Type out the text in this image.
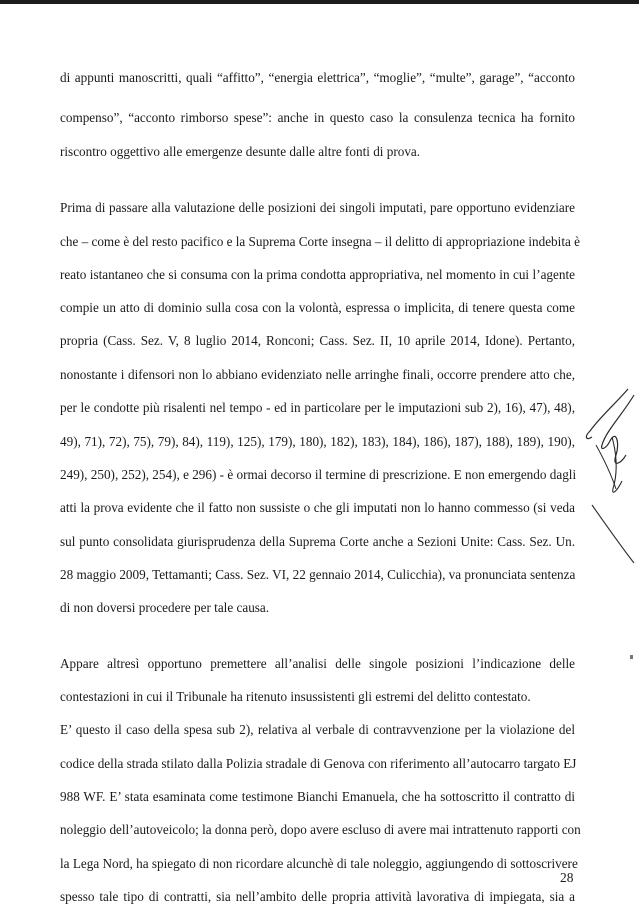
di appunti manoscritti, quali “affitto”, “energia elettrica”, “moglie”, “multe”, garage”, “acconto
compenso”, “acconto rimborso spese”: anche in questo caso la consulenza tecnica ha fornito
riscontro oggettivo alle emergenze desunte dalle altre fonti di prova.
Prima di passare alla valutazione delle posizioni dei singoli imputati, pare opportuno evidenziare
che – come è del resto pacifico e la Suprema Corte insegna – il delitto di appropriazione indebita è
reato istantaneo che si consuma con la prima condotta appropriativa, nel momento in cui l’agente
compie un atto di dominio sulla cosa con la volontà, espressa o implicita, di tenere questa come
propria (Cass. Sez. V, 8 luglio 2014, Ronconi; Cass. Sez. II, 10 aprile 2014, Idone). Pertanto,
nonostante i difensori non lo abbiano evidenziato nelle arringhe finali, occorre prendere atto che,
per le condotte più risalenti nel tempo - ed in particolare per le imputazioni sub 2), 16), 47), 48),
49), 71), 72), 75), 79), 84), 119), 125), 179), 180), 182), 183), 184), 186), 187), 188), 189), 190),
249), 250), 252), 254), e 296) - è ormai decorso il termine di prescrizione. E non emergendo dagli
atti la prova evidente che il fatto non sussiste o che gli imputati non lo hanno commesso (si veda
sul punto consolidata giurisprudenza della Suprema Corte anche a Sezioni Unite: Cass. Sez. Un.
28 maggio 2009, Tettamanti; Cass. Sez. VI, 22 gennaio 2014, Culicchia), va pronunciata sentenza
di non doversi procedere per tale causa.
Appare altresì opportuno premettere all’analisi delle singole posizioni l’indicazione delle
contestazioni in cui il Tribunale ha ritenuto insussistenti gli estremi del delitto contestato.
E’ questo il caso della spesa sub 2), relativa al verbale di contravvenzione per la violazione del
codice della strada stilato dalla Polizia stradale di Genova con riferimento all’autocarro targato EJ
988 WF. E’ stata esaminata come testimone Bianchi Emanuela, che ha sottoscritto il contratto di
noleggio dell’autoveicolo; la donna però, dopo avere escluso di avere mai intrattenuto rapporti con
la Lega Nord, ha spiegato di non ricordare alcunchè di tale noleggio, aggiungendo di sottoscrivere
spesso tale tipo di contratti, sia nell’ambito delle propria attività lavorativa di impiegata, sia a
28
